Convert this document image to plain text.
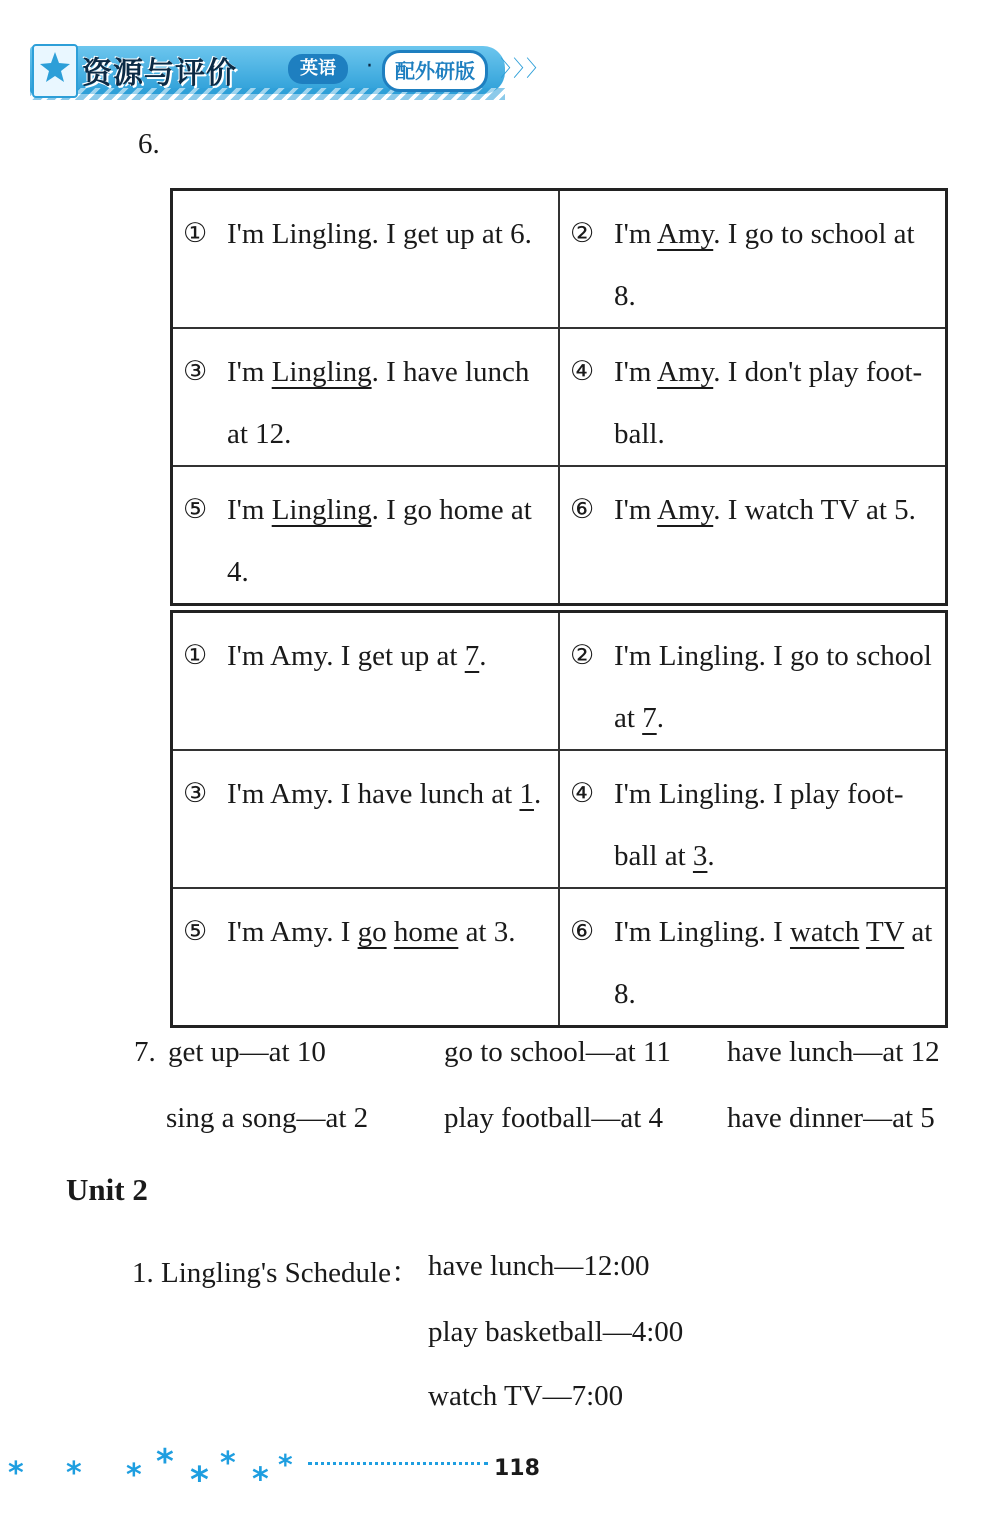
资源与评价	英语	·	配外研版	〉〉〉
6.
① I'm Lingling. I get up at 6.	② I'm Amy. I go to school at 8.

③ I'm Lingling. I have lunch at 12.	④ I'm Amy. I don't play foot-ball.

⑤ I'm Lingling. I go home at 4.	⑥ I'm Amy. I watch TV at 5.
① I'm Amy. I get up at 7.	② I'm Lingling. I go to school at 7.

③ I'm Amy. I have lunch at 1.	④ I'm Lingling. I play foot-ball at 3.

⑤ I'm Amy. I go home at 3.	⑥ I'm Lingling. I watch TV at 8.
7. get up—at 10	go to school—at 11 have lunch—at 12
sing a song—at 2	play football—at 4 have dinner—at 5
Unit 2
1. Lingling's Schedule： have lunch—12:00
play basketball—4:00
watch TV—7:00
* * * * * * * *	118
